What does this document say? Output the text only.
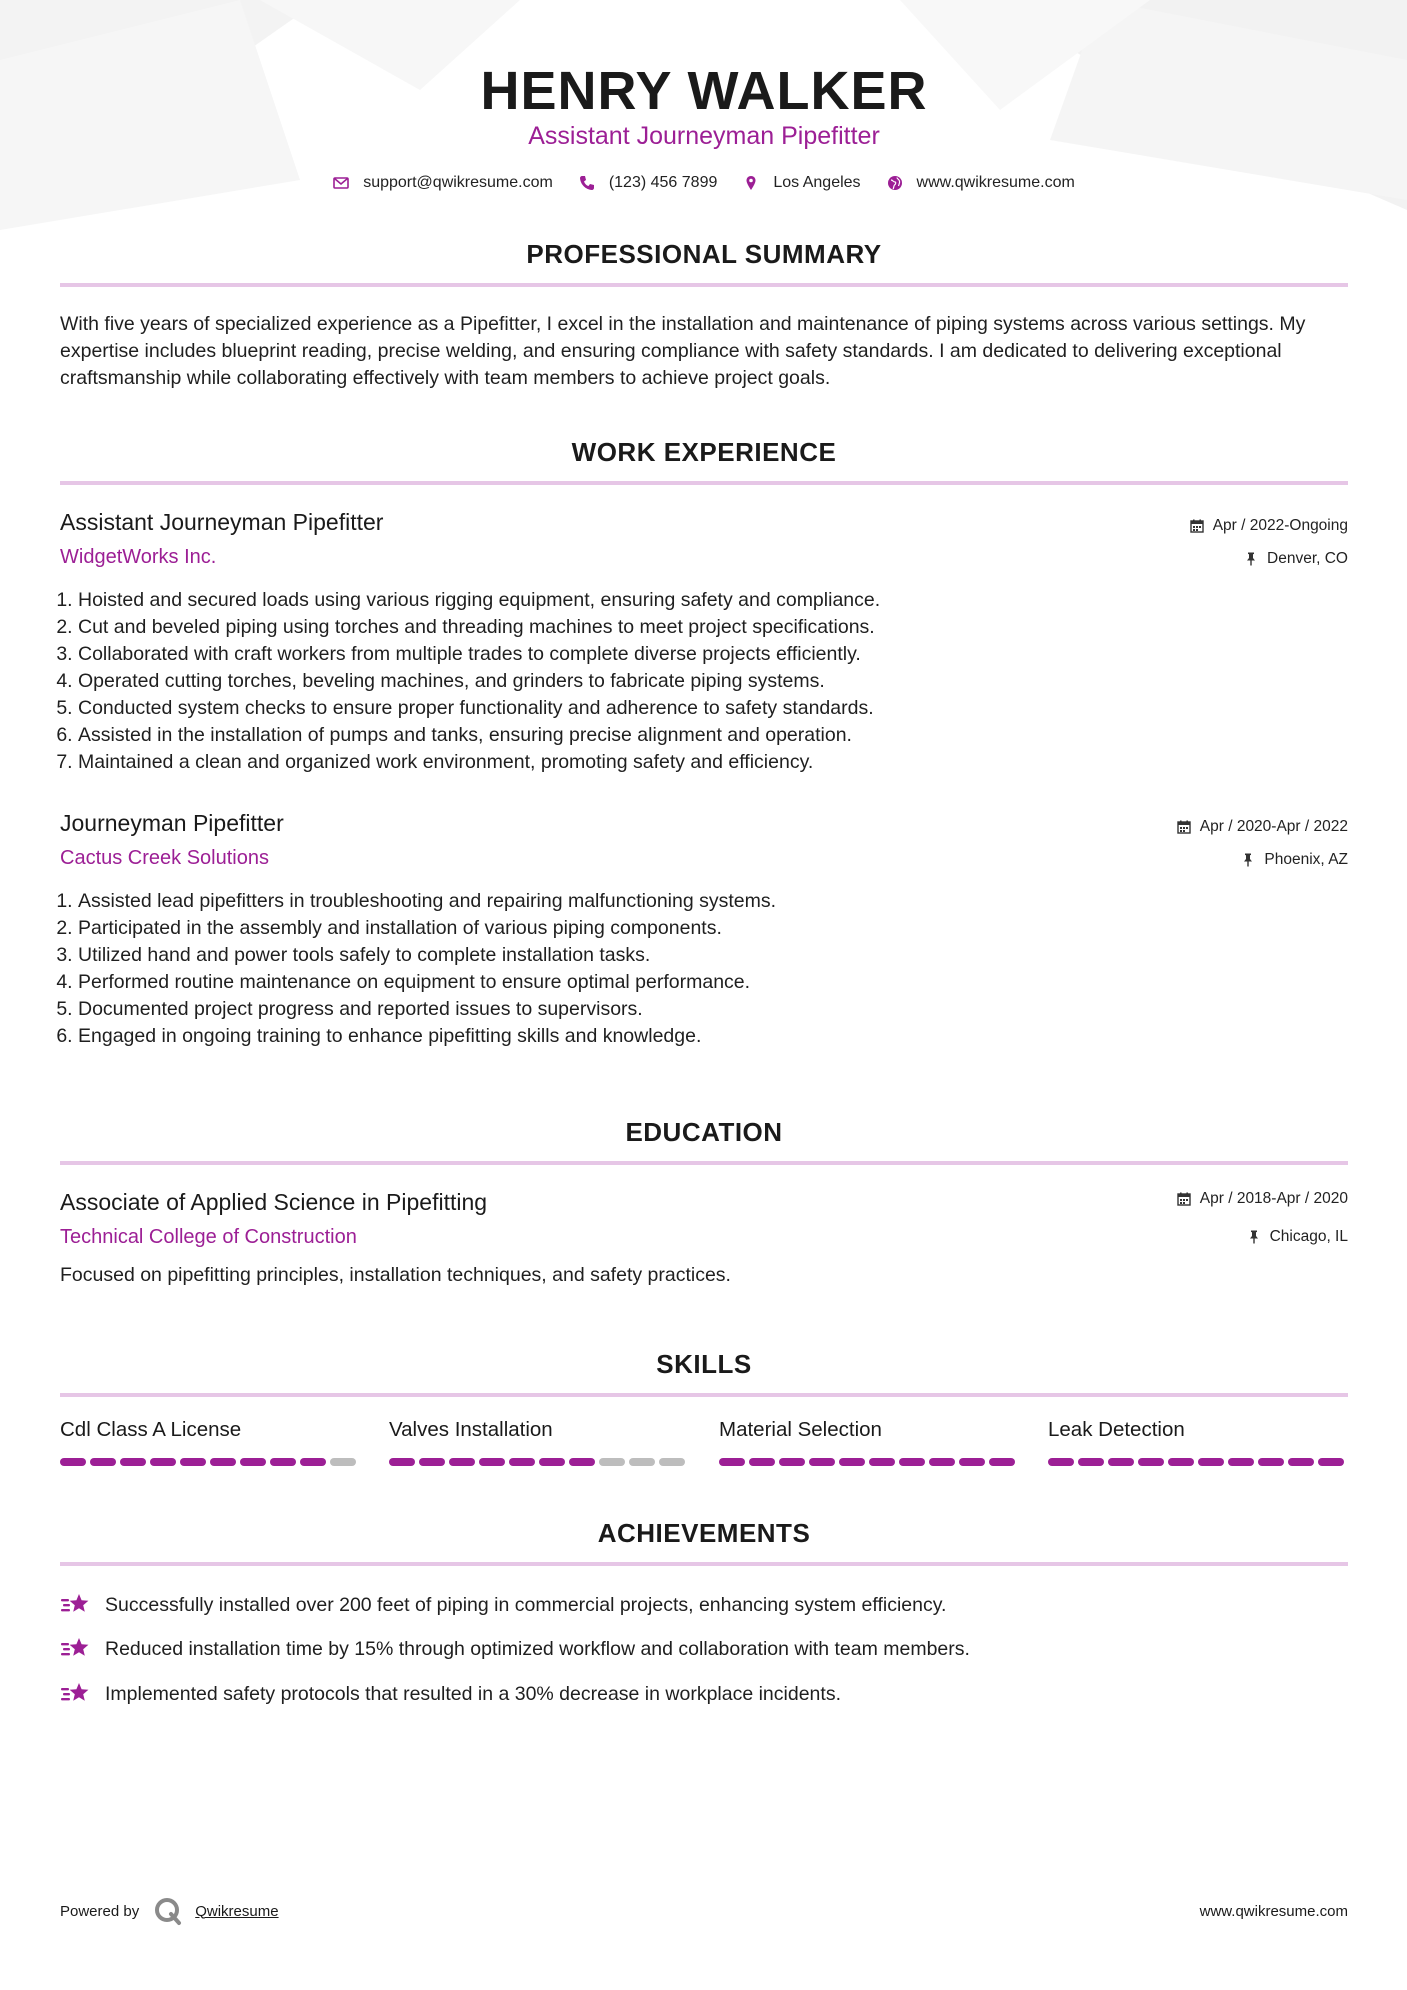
HENRY WALKER
Assistant Journeyman Pipefitter
support@qwikresume.com	(123) 456 7899	Los Angeles	www.qwikresume.com
PROFESSIONAL SUMMARY
With five years of specialized experience as a Pipefitter, I excel in the installation and maintenance of piping systems across various settings. My expertise includes blueprint reading, precise welding, and ensuring compliance with safety standards. I am dedicated to delivering exceptional craftsmanship while collaborating effectively with team members to achieve project goals.
WORK EXPERIENCE
Assistant Journeyman Pipefitter	Apr / 2022-Ongoing
WidgetWorks Inc.	Denver, CO
1. Hoisted and secured loads using various rigging equipment, ensuring safety and compliance.
2. Cut and beveled piping using torches and threading machines to meet project specifications.
3. Collaborated with craft workers from multiple trades to complete diverse projects efficiently.
4. Operated cutting torches, beveling machines, and grinders to fabricate piping systems.
5. Conducted system checks to ensure proper functionality and adherence to safety standards.
6. Assisted in the installation of pumps and tanks, ensuring precise alignment and operation.
7. Maintained a clean and organized work environment, promoting safety and efficiency.
Journeyman Pipefitter	Apr / 2020-Apr / 2022
Cactus Creek Solutions	Phoenix, AZ
1. Assisted lead pipefitters in troubleshooting and repairing malfunctioning systems.
2. Participated in the assembly and installation of various piping components.
3. Utilized hand and power tools safely to complete installation tasks.
4. Performed routine maintenance on equipment to ensure optimal performance.
5. Documented project progress and reported issues to supervisors.
6. Engaged in ongoing training to enhance pipefitting skills and knowledge.
EDUCATION
Associate of Applied Science in Pipefitting	Apr / 2018-Apr / 2020
Technical College of Construction	Chicago, IL
Focused on pipefitting principles, installation techniques, and safety practices.
SKILLS
Cdl Class A License	Valves Installation	Material Selection	Leak Detection
ACHIEVEMENTS
Successfully installed over 200 feet of piping in commercial projects, enhancing system efficiency.
Reduced installation time by 15% through optimized workflow and collaboration with team members.
Implemented safety protocols that resulted in a 30% decrease in workplace incidents.
Powered by	Qwikresume	www.qwikresume.com
